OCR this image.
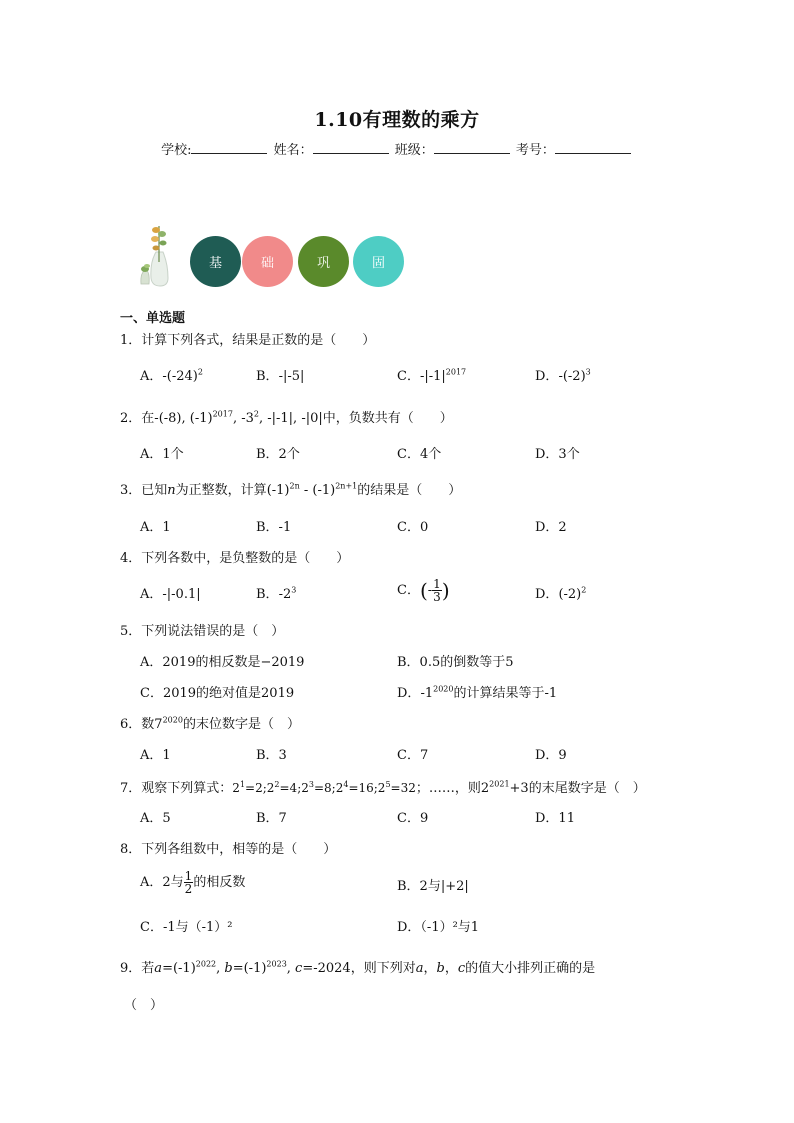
1.10有理数的乘方
学校:	姓名：	班级：	考号：
基	础	巩	固
一、单选题
1．计算下列各式，结果是正数的是（　　）
A．$-(-24)^2$	B．-|-5|	C．$-|-1|^{2017}$	D．$-(-2)^3$
2．在-(-8), $(-1)^{2017}$, $-3^2$, -|-1|, -|0|中，负数共有（　　）
A．1个	B．2个	C．4个	D．3个
3．已知n为正整数，计算$(-1)^{2n} - (-1)^{2n+1}$的结果是（　　）
A．1	B．-1	C．0	D．2
4．下列各数中，是负整数的是（　　）
A．-|-0.1|	B．$-2^3$	C．(- $\frac{1}{3}$ )	D．$(-2)^2$
5．下列说法错误的是（　）
A．2019的相反数是−2019	B．0.5的倒数等于5
C．2019的绝对值是2019	D．$-1^{2020}$的计算结果等于-1
6．数$7^{2020}$的末位数字是（　）
A．1	B．3	C．7	D．9
7．观察下列算式：$2^1=2;2^2=4;2^3=8;2^4=16;2^5=32$；……，则$2^{2021}+3$的末尾数字是（　）
A．5	B．7	C．9	D．11
8．下列各组数中，相等的是（　　）
A．2与 $\frac{1}{2}$ 的相反数	B．2与|+2|
C．-1与（-1）²	D．（-1）²与1
9．若$a=(-1)^{2022}$, $b=(-1)^{2023}$, c=-2024，则下列对a，b，c的值大小排列正确的是
（　）
